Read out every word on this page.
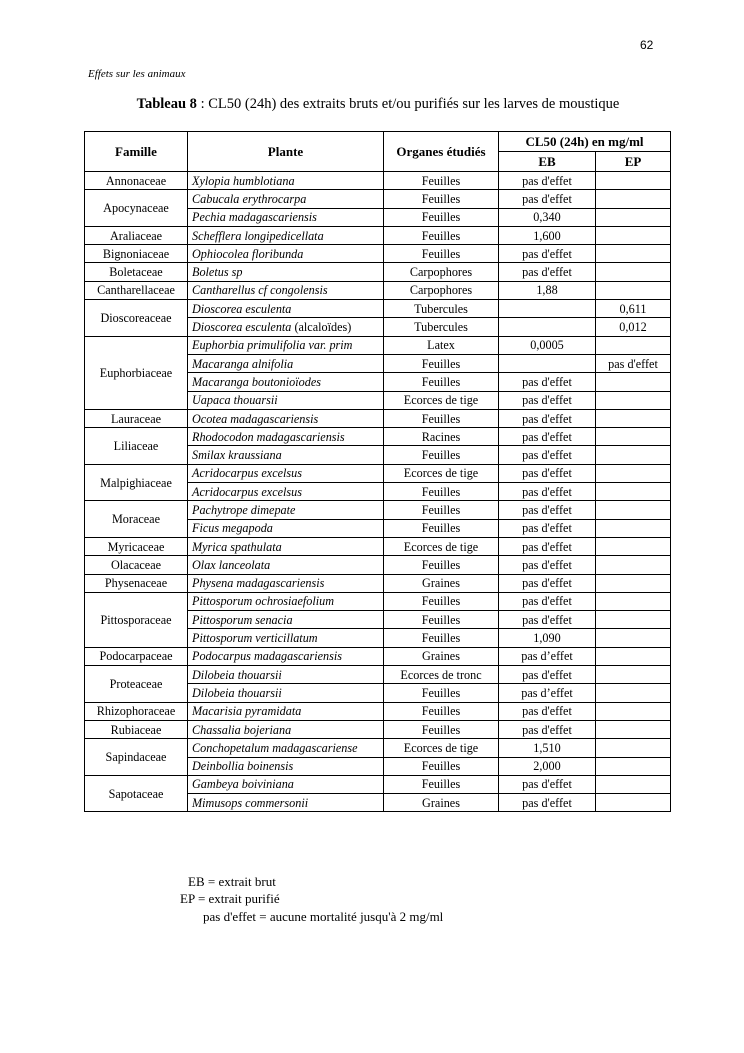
62
Effets sur les animaux
Tableau 8 : CL50 (24h) des extraits bruts et/ou purifiés sur les larves de moustique
Famille	Plante	Organes étudiés	CL50 (24h) en mg/ml	
			EB	EP
Annonaceae	Xylopia humblotiana	Feuilles	pas d'effet	
Apocynaceae	Cabucala erythrocarpa	Feuilles	pas d'effet	
	Pechia madagascariensis	Feuilles	0,340	
Araliaceae	Schefflera longipedicellata	Feuilles	1,600	
Bignoniaceae	Ophiocolea floribunda	Feuilles	pas d'effet	
Boletaceae	Boletus sp	Carpophores	pas d'effet	
Cantharellaceae	Cantharellus cf congolensis	Carpophores	1,88	
Dioscoreaceae	Dioscorea esculenta	Tubercules		0,611
	Dioscorea esculenta (alcaloïdes)	Tubercules		0,012
Euphorbiaceae	Euphorbia primulifolia var. prim	Latex	0,0005	
	Macaranga alnifolia	Feuilles		pas d'effet
	Macaranga boutonioïodes	Feuilles	pas d'effet	
	Uapaca thouarsii	Ecorces de tige	pas d'effet	
Lauraceae	Ocotea madagascariensis	Feuilles	pas d'effet	
Liliaceae	Rhodocodon madagascariensis	Racines	pas d'effet	
	Smilax kraussiana	Feuilles	pas d'effet	
Malpighiaceae	Acridocarpus excelsus	Ecorces de tige	pas d'effet	
	Acridocarpus excelsus	Feuilles	pas d'effet	
Moraceae	Pachytrope dimepate	Feuilles	pas d'effet	
	Ficus megapoda	Feuilles	pas d'effet	
Myricaceae	Myrica spathulata	Ecorces de tige	pas d'effet	
Olacaceae	Olax lanceolata	Feuilles	pas d'effet	
Physenaceae	Physena madagascariensis	Graines	pas d'effet	
Pittosporaceae	Pittosporum ochrosiaefolium	Feuilles	pas d'effet	
	Pittosporum senacia	Feuilles	pas d'effet	
	Pittosporum verticillatum	Feuilles	1,090	
Podocarpaceae	Podocarpus madagascariensis	Graines	pas d’effet	
Proteaceae	Dilobeia thouarsii	Ecorces de tronc	pas d'effet	
	Dilobeia thouarsii	Feuilles	pas d’effet	
Rhizophoraceae	Macarisia pyramidata	Feuilles	pas d'effet	
Rubiaceae	Chassalia bojeriana	Feuilles	pas d'effet	
Sapindaceae	Conchopetalum madagascariense	Ecorces de tige	1,510	
	Deinbollia boinensis	Feuilles	2,000	
Sapotaceae	Gambeya boiviniana	Feuilles	pas d'effet	
	Mimusops commersonii	Graines	pas d'effet	
EB = extrait brut
EP = extrait purifié
pas d'effet = aucune mortalité jusqu'à 2 mg/ml
